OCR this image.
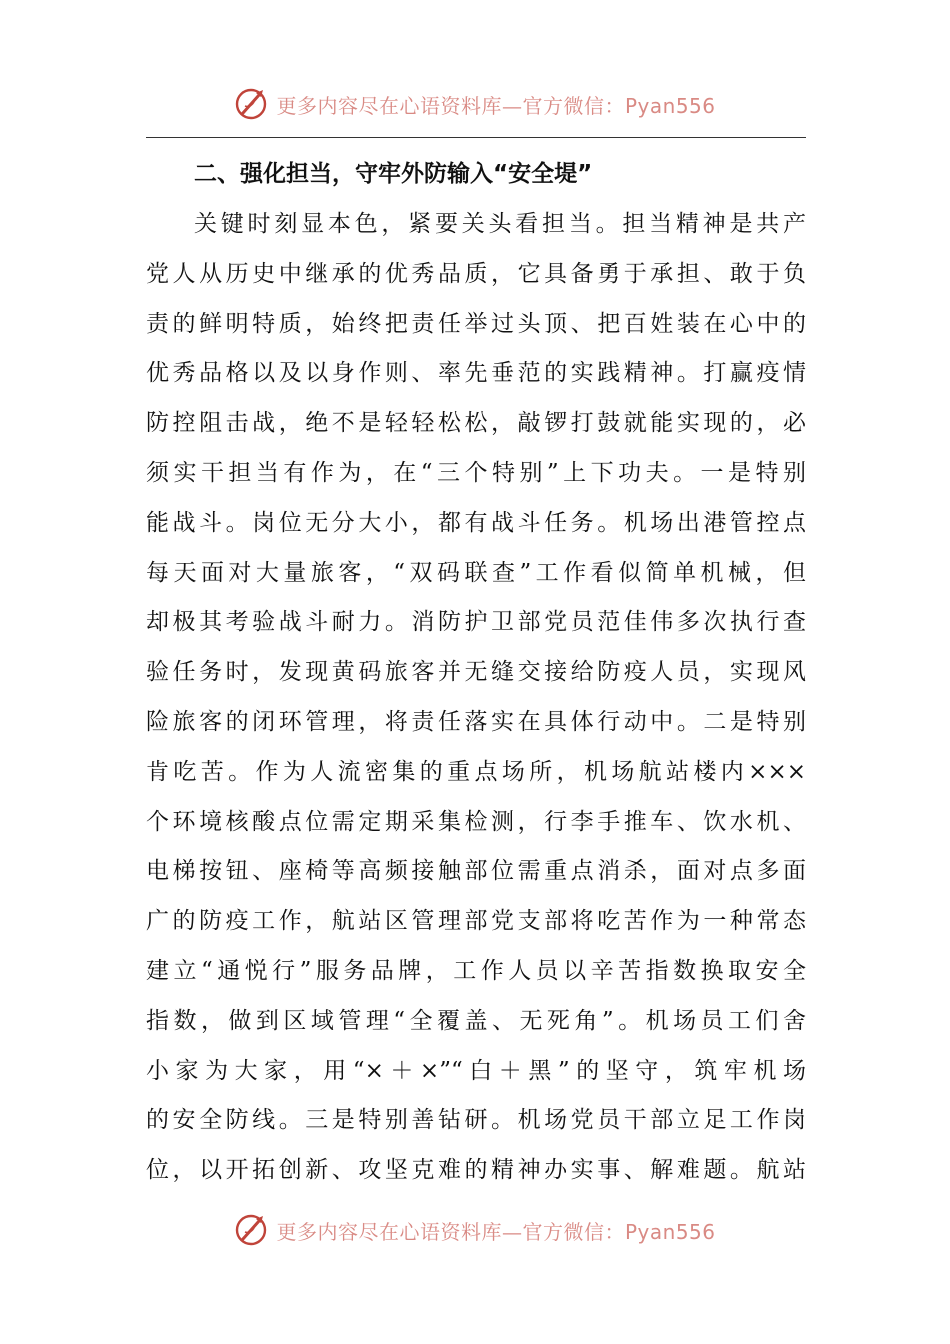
更多内容尽在心语资料库—官方微信：Pyan556
二、强化担当，守牢外防输入“安全堤”
关键时刻显本色，紧要关头看担当。担当精神是共产
党人从历史中继承的优秀品质，它具备勇于承担、敢于负
责的鲜明特质，始终把责任举过头顶、把百姓装在心中的
优秀品格以及以身作则、率先垂范的实践精神。打赢疫情
防控阻击战，绝不是轻轻松松，敲锣打鼓就能实现的，必
须实干担当有作为，在“三个特别”上下功夫。一是特别
能战斗。岗位无分大小，都有战斗任务。机场出港管控点
每天面对大量旅客，“双码联查”工作看似简单机械，但
却极其考验战斗耐力。消防护卫部党员范佳伟多次执行查
验任务时，发现黄码旅客并无缝交接给防疫人员，实现风
险旅客的闭环管理，将责任落实在具体行动中。二是特别
肯吃苦。作为人流密集的重点场所，机场航站楼内×××
个环境核酸点位需定期采集检测，行李手推车、饮水机、
电梯按钮、座椅等高频接触部位需重点消杀，面对点多面
广的防疫工作，航站区管理部党支部将吃苦作为一种常态
建立“通悦行”服务品牌，工作人员以辛苦指数换取安全
指数，做到区域管理“全覆盖、无死角”。机场员工们舍
小家为大家，用“×＋×”“白＋黑”的坚守，筑牢机场
的安全防线。三是特别善钻研。机场党员干部立足工作岗
位，以开拓创新、攻坚克难的精神办实事、解难题。航站
更多内容尽在心语资料库—官方微信：Pyan556
